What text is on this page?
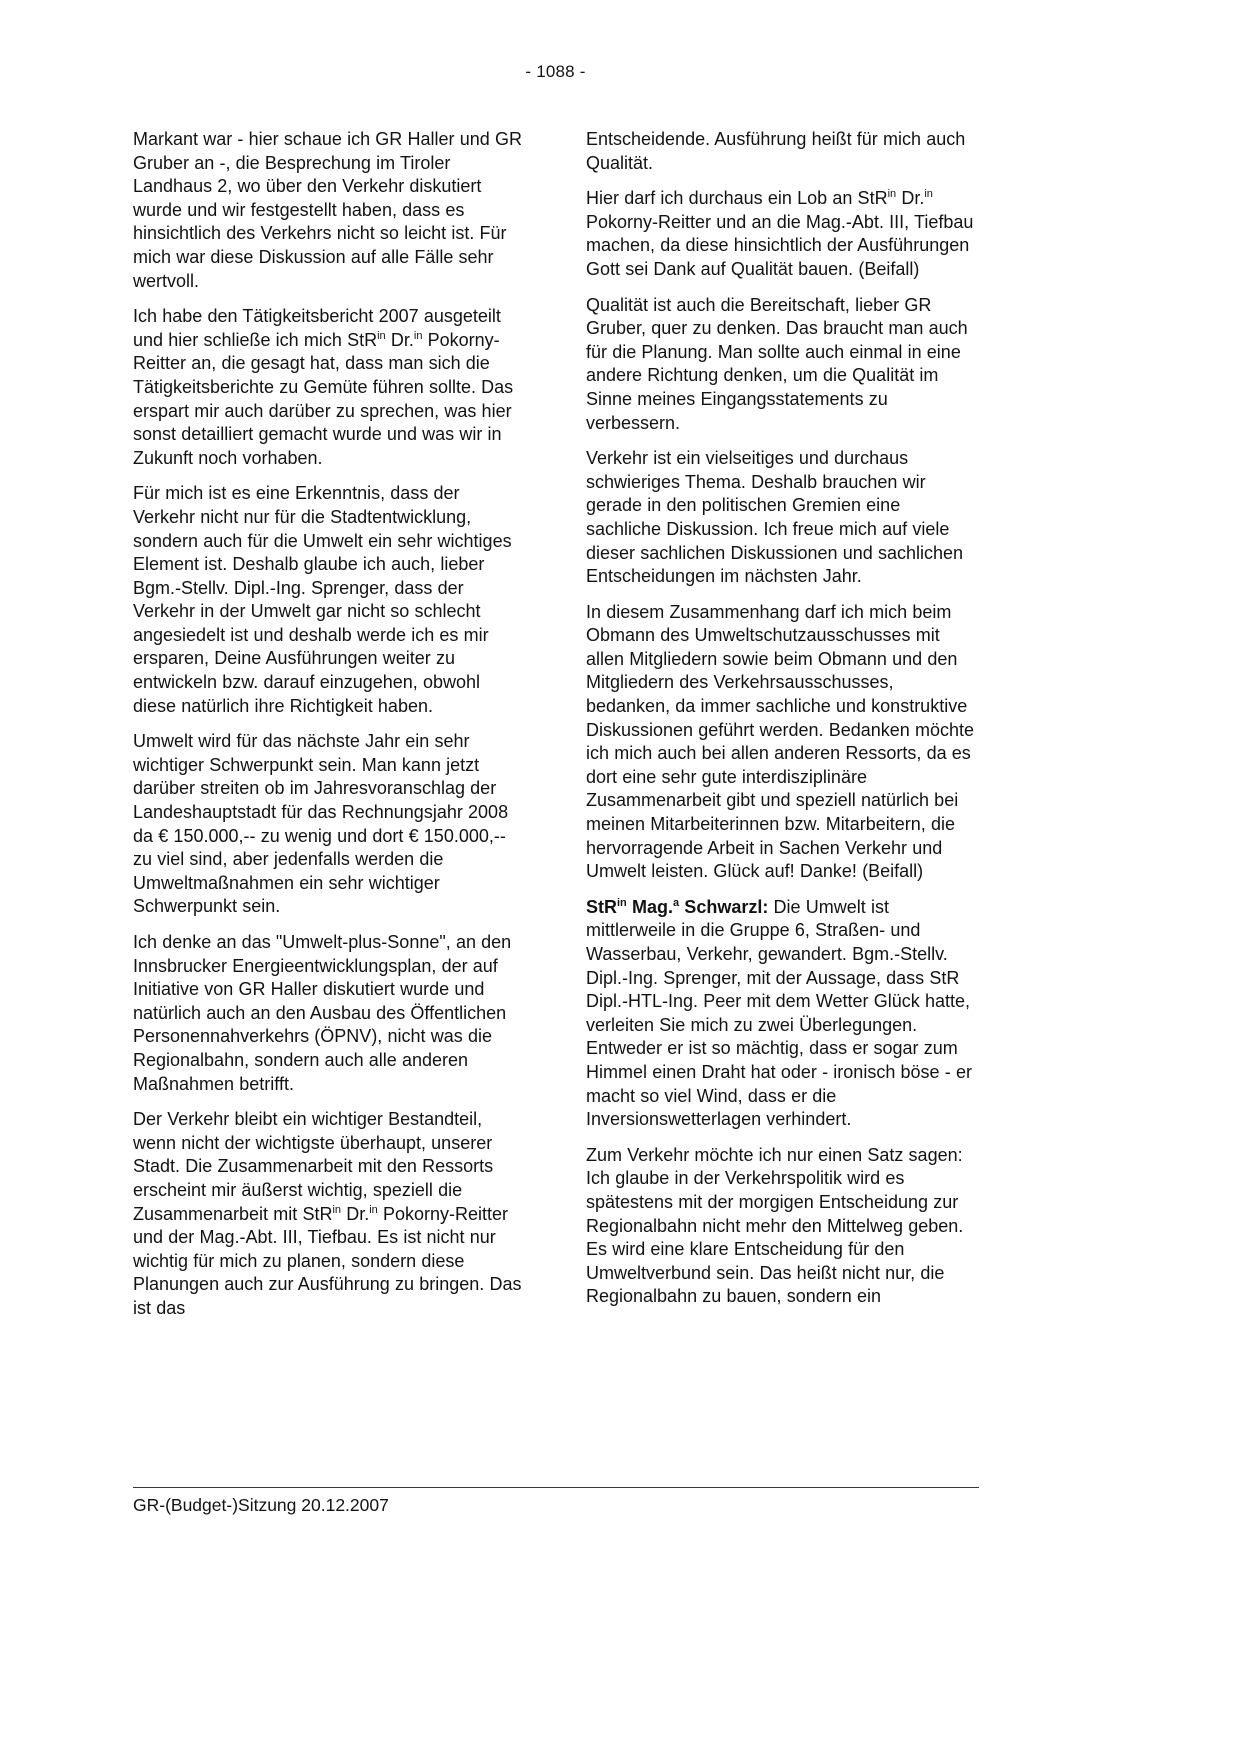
- 1088 -

Markant war - hier schaue ich GR Haller und GR Gruber an -, die Besprechung im Tiroler Landhaus 2, wo über den Verkehr diskutiert wurde und wir festgestellt haben, dass es hinsichtlich des Verkehrs nicht so leicht ist. Für mich war diese Diskussion auf alle Fälle sehr wertvoll.

Ich habe den Tätigkeitsbericht 2007 ausgeteilt und hier schließe ich mich StR$^{in}$ Dr.$^{in}$ Pokorny-Reitter an, die gesagt hat, dass man sich die Tätigkeitsberichte zu Gemüte führen sollte. Das erspart mir auch darüber zu sprechen, was hier sonst detailliert gemacht wurde und was wir in Zukunft noch vorhaben.

Für mich ist es eine Erkenntnis, dass der Verkehr nicht nur für die Stadtentwicklung, sondern auch für die Umwelt ein sehr wichtiges Element ist. Deshalb glaube ich auch, lieber Bgm.-Stellv. Dipl.-Ing. Sprenger, dass der Verkehr in der Umwelt gar nicht so schlecht angesiedelt ist und deshalb werde ich es mir ersparen, Deine Ausführungen weiter zu entwickeln bzw. darauf einzugehen, obwohl diese natürlich ihre Richtigkeit haben.

Umwelt wird für das nächste Jahr ein sehr wichtiger Schwerpunkt sein. Man kann jetzt darüber streiten ob im Jahresvoranschlag der Landeshauptstadt für das Rechnungsjahr 2008 da € 150.000,-- zu wenig und dort € 150.000,-- zu viel sind, aber jedenfalls werden die Umweltmaßnahmen ein sehr wichtiger Schwerpunkt sein.

Ich denke an das "Umwelt-plus-Sonne", an den Innsbrucker Energieentwicklungsplan, der auf Initiative von GR Haller diskutiert wurde und natürlich auch an den Ausbau des Öffentlichen Personennahverkehrs (ÖPNV), nicht was die Regionalbahn, sondern auch alle anderen Maßnahmen betrifft.

Der Verkehr bleibt ein wichtiger Bestandteil, wenn nicht der wichtigste überhaupt, unserer Stadt. Die Zusammenarbeit mit den Ressorts erscheint mir äußerst wichtig, speziell die Zusammenarbeit mit StR$^{in}$ Dr.$^{in}$ Pokorny-Reitter und der Mag.-Abt. III, Tiefbau. Es ist nicht nur wichtig für mich zu planen, sondern diese Planungen auch zur Ausführung zu bringen. Das ist das

Entscheidende. Ausführung heißt für mich auch Qualität.

Hier darf ich durchaus ein Lob an StR$^{in}$ Dr.$^{in}$ Pokorny-Reitter und an die Mag.-Abt. III, Tiefbau machen, da diese hinsichtlich der Ausführungen Gott sei Dank auf Qualität bauen. (Beifall)

Qualität ist auch die Bereitschaft, lieber GR Gruber, quer zu denken. Das braucht man auch für die Planung. Man sollte auch einmal in eine andere Richtung denken, um die Qualität im Sinne meines Eingangsstatements zu verbessern.

Verkehr ist ein vielseitiges und durchaus schwieriges Thema. Deshalb brauchen wir gerade in den politischen Gremien eine sachliche Diskussion. Ich freue mich auf viele dieser sachlichen Diskussionen und sachlichen Entscheidungen im nächsten Jahr.

In diesem Zusammenhang darf ich mich beim Obmann des Umweltschutzausschusses mit allen Mitgliedern sowie beim Obmann und den Mitgliedern des Verkehrsausschusses, bedanken, da immer sachliche und konstruktive Diskussionen geführt werden. Bedanken möchte ich mich auch bei allen anderen Ressorts, da es dort eine sehr gute interdisziplinäre Zusammenarbeit gibt und speziell natürlich bei meinen Mitarbeiterinnen bzw. Mitarbeitern, die hervorragende Arbeit in Sachen Verkehr und Umwelt leisten. Glück auf! Danke! (Beifall)

StR$^{in}$ Mag.$^a$ Schwarzl: Die Umwelt ist mittlerweile in die Gruppe 6, Straßen- und Wasserbau, Verkehr, gewandert. Bgm.-Stellv. Dipl.-Ing. Sprenger, mit der Aussage, dass StR Dipl.-HTL-Ing. Peer mit dem Wetter Glück hatte, verleiten Sie mich zu zwei Überlegungen. Entweder er ist so mächtig, dass er sogar zum Himmel einen Draht hat oder - ironisch böse - er macht so viel Wind, dass er die Inversionswetterlagen verhindert.

Zum Verkehr möchte ich nur einen Satz sagen: Ich glaube in der Verkehrspolitik wird es spätestens mit der morgigen Entscheidung zur Regionalbahn nicht mehr den Mittelweg geben. Es wird eine klare Entscheidung für den Umweltverbund sein. Das heißt nicht nur, die Regionalbahn zu bauen, sondern ein

GR-(Budget-)Sitzung 20.12.2007
